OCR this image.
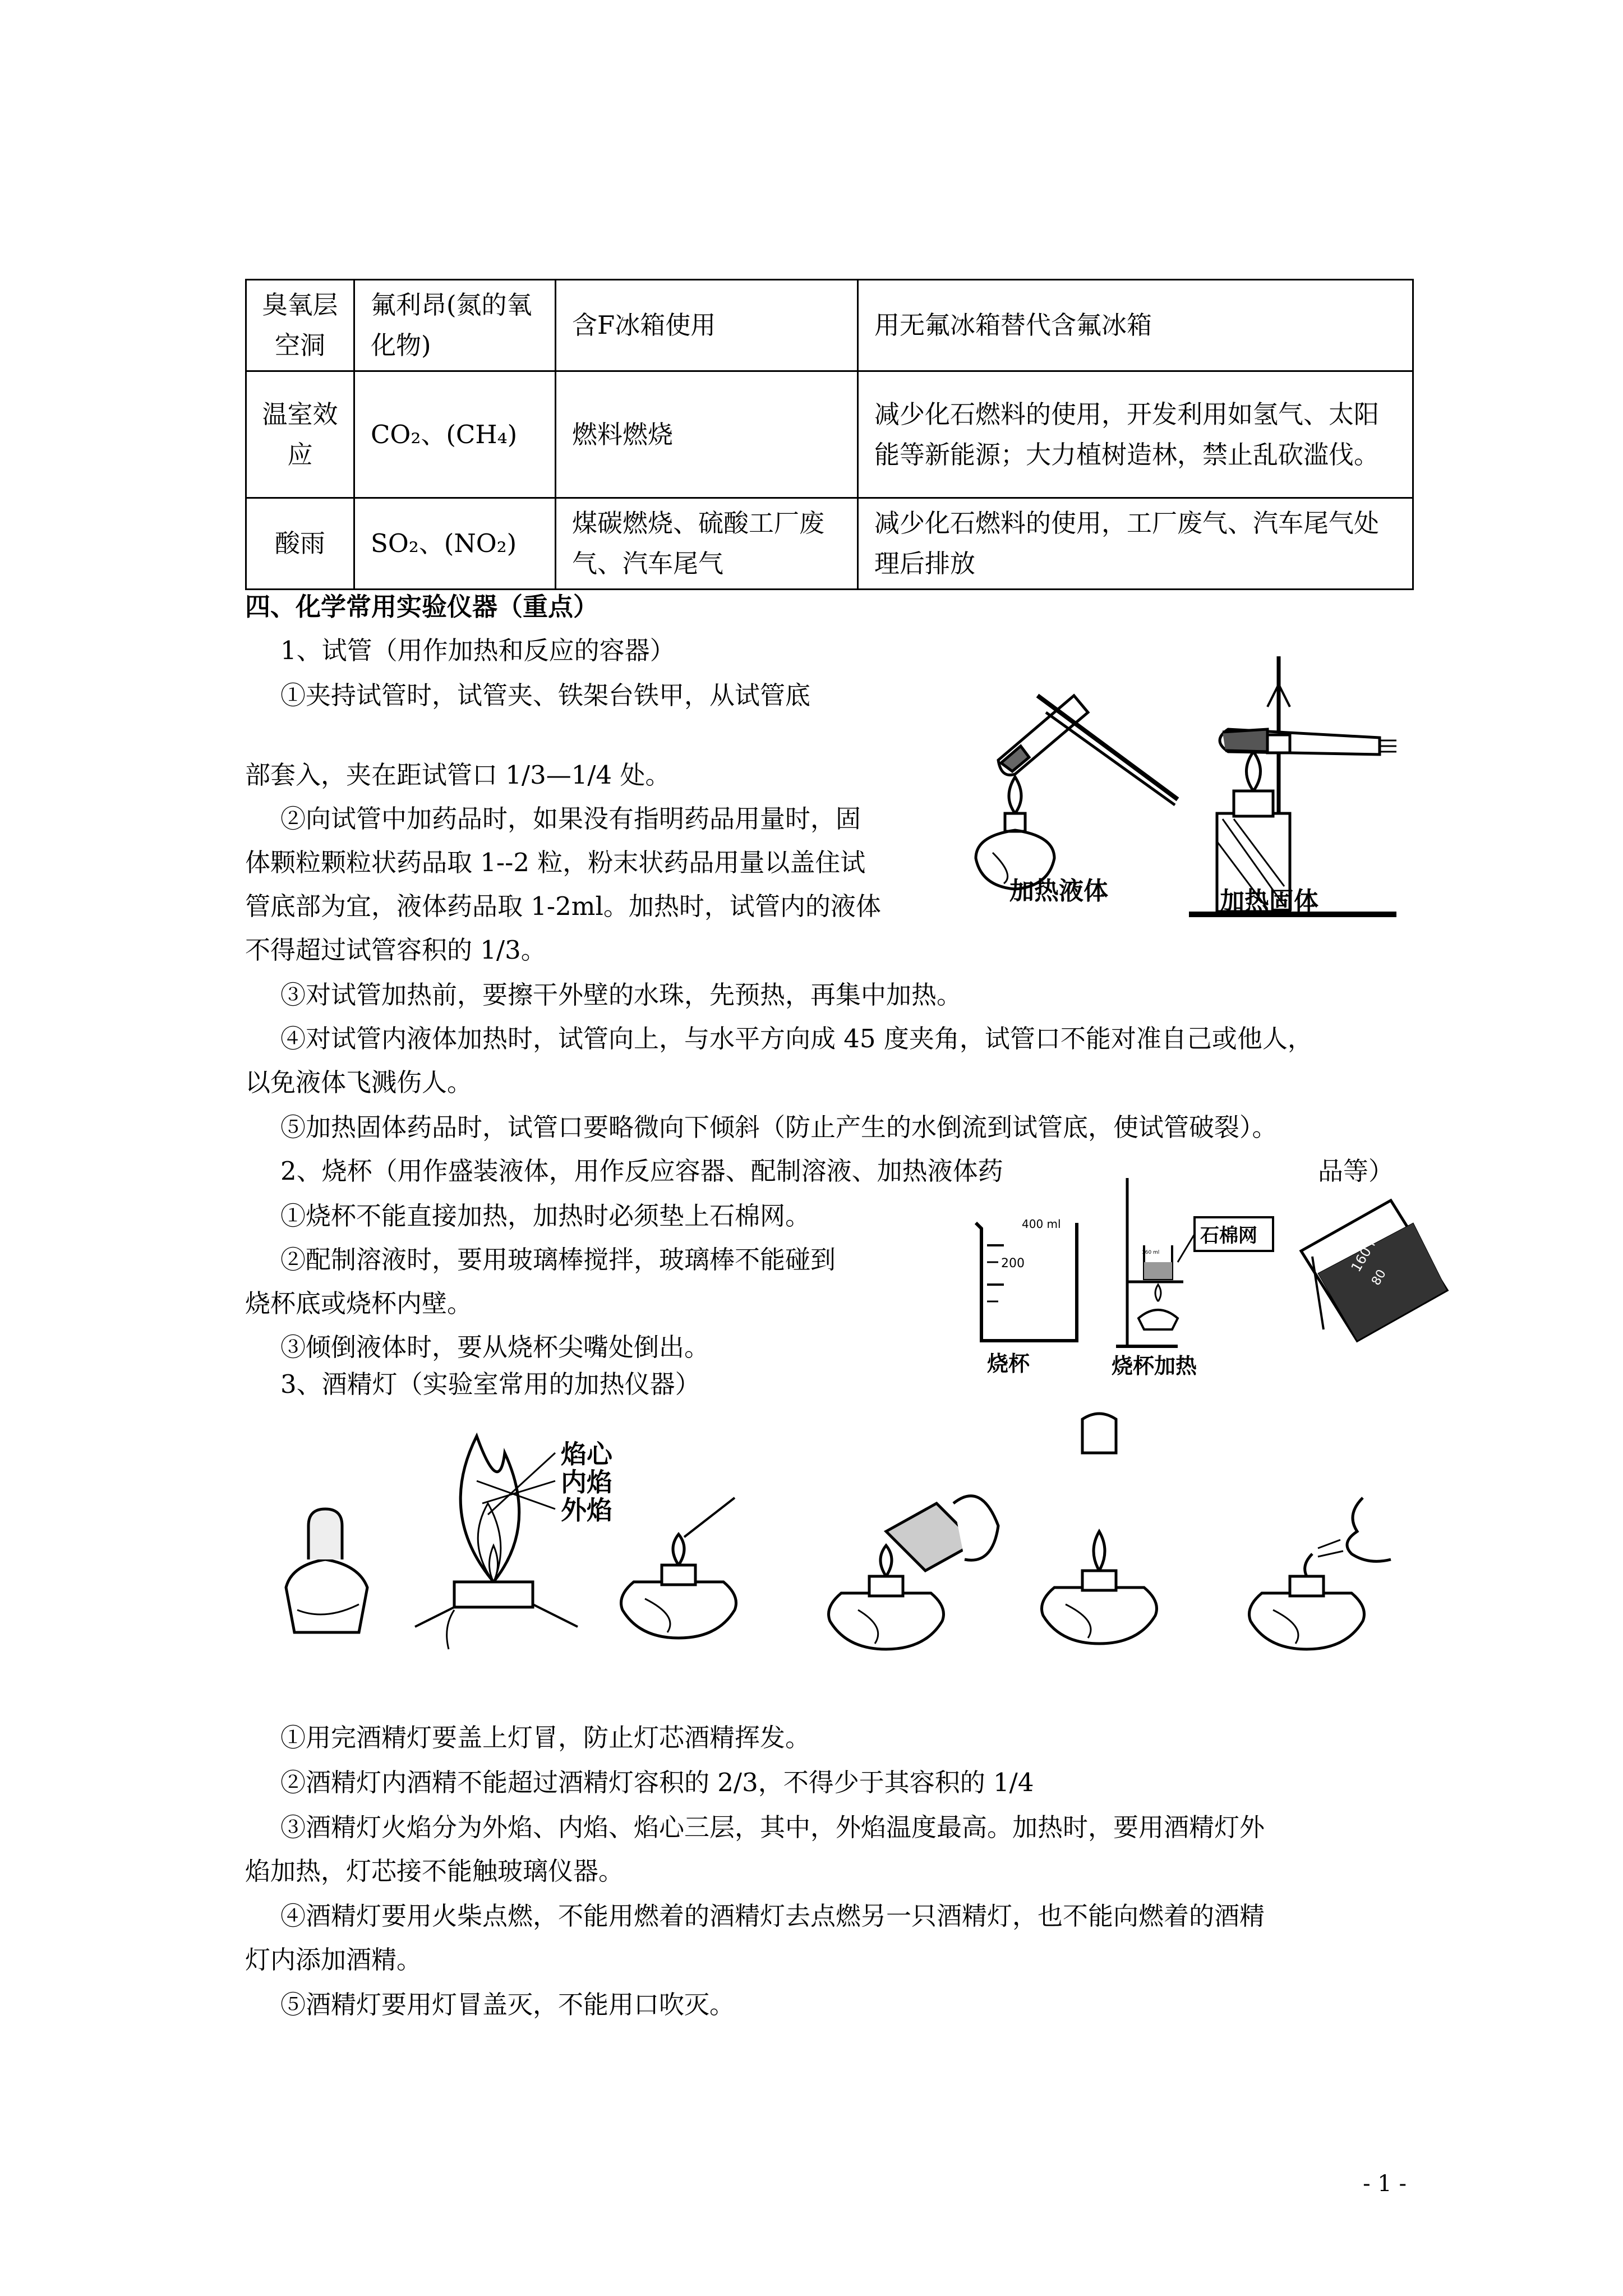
臭氧层空洞	氟利昂(氮的氧化物)	含F冰箱使用	用无氟冰箱替代含氟冰箱
温室效应	CO₂、(CH₄)	燃料燃烧	减少化石燃料的使用，开发利用如氢气、太阳能等新能源；大力植树造林，禁止乱砍滥伐。
酸雨	SO₂、(NO₂)	煤碳燃烧、硫酸工厂废气、汽车尾气	减少化石燃料的使用，工厂废气、汽车尾气处理后排放
四、化学常用实验仪器（重点）
1、试管（用作加热和反应的容器）
①夹持试管时，试管夹、铁架台铁甲，从试管底
部套入，夹在距试管口 1/3—1/4 处。
②向试管中加药品时，如果没有指明药品用量时，固
体颗粒颗粒状药品取 1--2 粒，粉末状药品用量以盖住试
管底部为宜，液体药品取 1-2ml。加热时，试管内的液体
不得超过试管容积的 1/3。
③对试管加热前，要擦干外壁的水珠，先预热，再集中加热。
④对试管内液体加热时，试管向上，与水平方向成 45 度夹角，试管口不能对准自己或他人，
以免液体飞溅伤人。
⑤加热固体药品时，试管口要略微向下倾斜（防止产生的水倒流到试管底，使试管破裂）。
加热液体	加热固体
2、烧杯（用作盛装液体，用作反应容器、配制溶液、加热液体药	品等）
①烧杯不能直接加热，加热时必须垫上石棉网。
②配制溶液时，要用玻璃棒搅拌，玻璃棒不能碰到
烧杯底或烧杯内壁。
③倾倒液体时，要从烧杯尖嘴处倒出。
400 ml
200
160 ml
石棉网	160 ml
80
烧杯	烧杯加热
3、酒精灯（实验室常用的加热仪器）
焰心
内焰
外焰
①用完酒精灯要盖上灯冒，防止灯芯酒精挥发。
②酒精灯内酒精不能超过酒精灯容积的 2/3，不得少于其容积的 1/4
③酒精灯火焰分为外焰、内焰、焰心三层，其中，外焰温度最高。加热时，要用酒精灯外
焰加热，灯芯接不能触玻璃仪器。
④酒精灯要用火柴点燃，不能用燃着的酒精灯去点燃另一只酒精灯，也不能向燃着的酒精
灯内添加酒精。
⑤酒精灯要用灯冒盖灭，不能用口吹灭。
- 1 -
